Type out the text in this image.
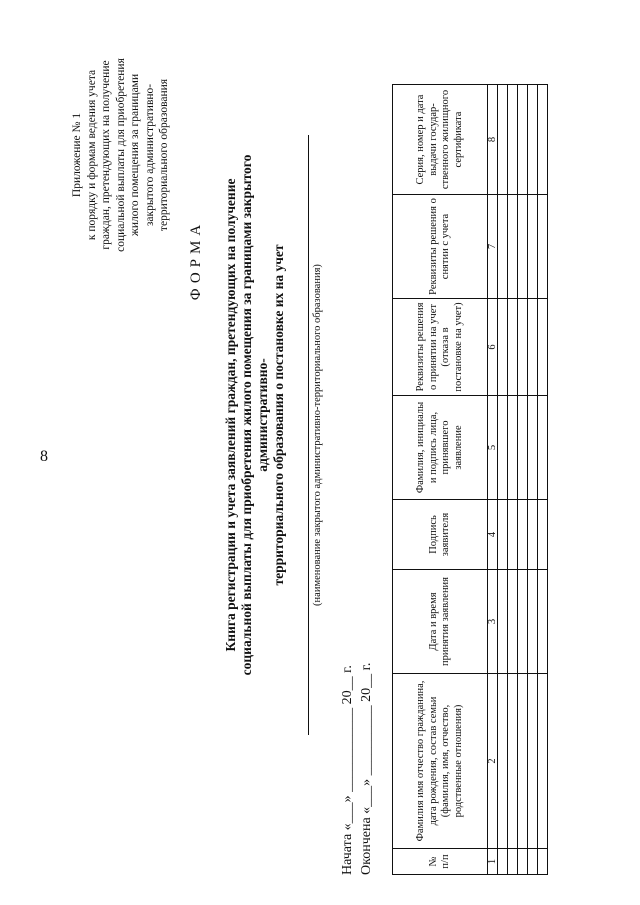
8
Приложение № 1 к порядку и формам ведения учета граждан, претендующих на получение социальной выплаты для приобретения жилого помещения за границами закрытого административно- территориального образования
ФОРМА Книга регистрации и учета заявлений граждан, претендующих на получение социальной выплаты для приобретения жилого помещения за границами закрытого административно- территориального образования о постановке их на учет (наименование закрытого административно-территориального образования)
Начата «___» ____________ 20__ г. Окончена «___» __________ 20__ г.	№ п/п	Фамилия имя отчество гражданина, дата рождения, состав семьи (фамилия, имя, отчество, родственные отношения)	Дата и время принятия заявления	Подпись заявителя	Фамилия, инициалы и подпись лица, принявшего заявление	Реквизиты решения о принятии на учет (отказа в постановке на учет)	Реквизиты решения о снятии с учета	Серия, номер и дата выдачи государ-ственного жилищного сертификата
1	2	3	4	5	6	7	8
